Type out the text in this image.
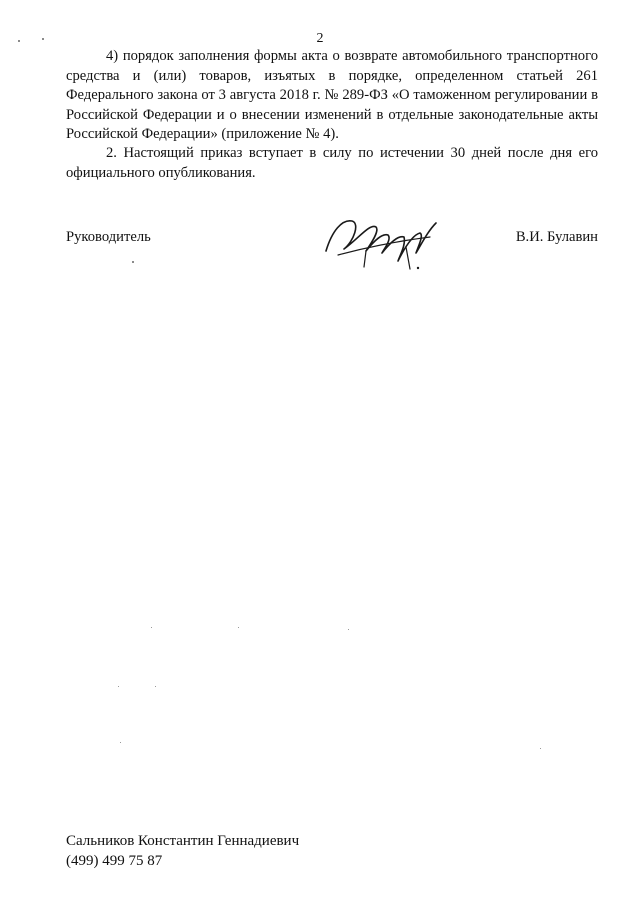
2
4) порядок заполнения формы акта о возврате автомобильного транспортного средства и (или) товаров, изъятых в порядке, определенном статьей 261 Федерального закона от 3 августа 2018 г. № 289-ФЗ «О таможенном регулировании в Российской Федерации и о внесении изменений в отдельные законодательные акты Российской Федерации» (приложение № 4).
2. Настоящий приказ вступает в силу по истечении 30 дней после дня его официального опубликования.
Руководитель	В.И. Булавин
Сальников Константин Геннадиевич
(499) 499 75 87
